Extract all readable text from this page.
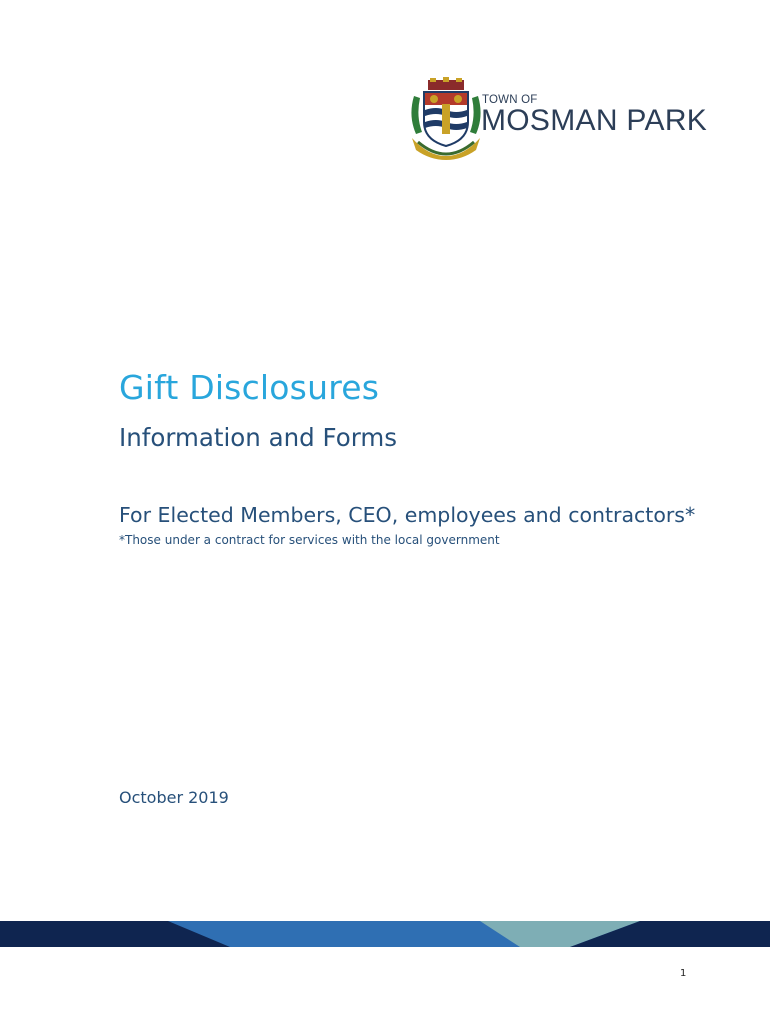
TOWN OF
MOSMAN PARK
Gift Disclosures
Information and Forms
For Elected Members, CEO, employees and contractors*
*Those under a contract for services with the local government
October 2019
1
